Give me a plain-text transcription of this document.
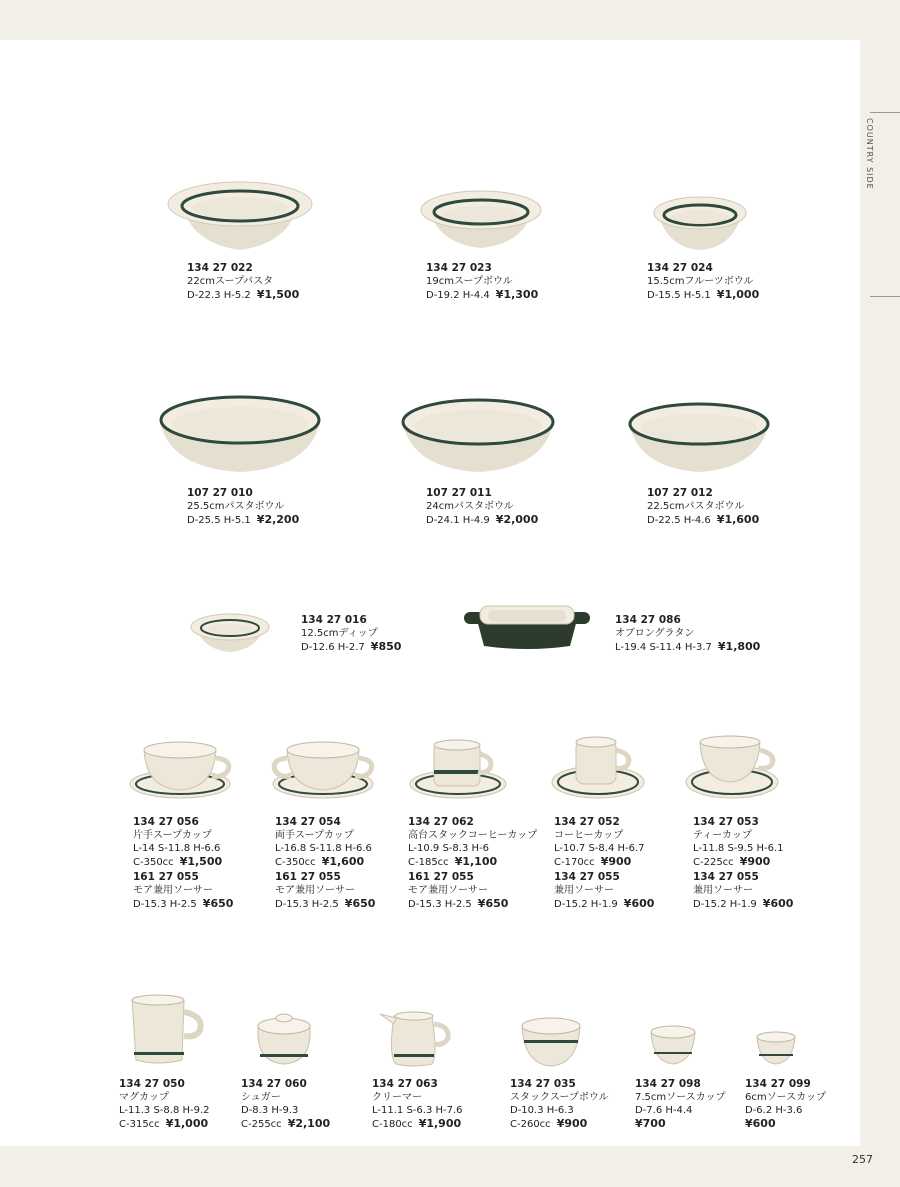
COUNTRY SIDE
257
134 27 022
22cmスープパスタ
D-22.3 H-5.2 ¥1,500
134 27 023
19cmスープボウル
D-19.2 H-4.4 ¥1,300
134 27 024
15.5cmフルーツボウル
D-15.5 H-5.1 ¥1,000
107 27 010
25.5cmパスタボウル
D-25.5 H-5.1 ¥2,200
107 27 011
24cmパスタボウル
D-24.1 H-4.9 ¥2,000
107 27 012
22.5cmパスタボウル
D-22.5 H-4.6 ¥1,600
134 27 016
12.5cmディップ
D-12.6 H-2.7 ¥850
134 27 086
オブロングラタン
L-19.4 S-11.4 H-3.7 ¥1,800
134 27 056
片手スープカップ
L-14 S-11.8 H-6.6
C-350cc ¥1,500
161 27 055
モア兼用ソーサー
D-15.3 H-2.5 ¥650
134 27 054
両手スープカップ
L-16.8 S-11.8 H-6.6
C-350cc ¥1,600
161 27 055
モア兼用ソーサー
D-15.3 H-2.5 ¥650
134 27 062
高台スタックコーヒーカップ
L-10.9 S-8.3 H-6
C-185cc ¥1,100
161 27 055
モア兼用ソーサー
D-15.3 H-2.5 ¥650
134 27 052
コーヒーカップ
L-10.7 S-8.4 H-6.7
C-170cc ¥900
134 27 055
兼用ソーサー
D-15.2 H-1.9 ¥600
134 27 053
ティーカップ
L-11.8 S-9.5 H-6.1
C-225cc ¥900
134 27 055
兼用ソーサー
D-15.2 H-1.9 ¥600
134 27 050
マグカップ
L-11.3 S-8.8 H-9.2
C-315cc ¥1,000
134 27 060
シュガー
D-8.3 H-9.3
C-255cc ¥2,100
134 27 063
クリーマー
L-11.1 S-6.3 H-7.6
C-180cc ¥1,900
134 27 035
スタックスープボウル
D-10.3 H-6.3
C-260cc ¥900
134 27 098
7.5cmソースカップ
D-7.6 H-4.4
¥700
134 27 099
6cmソースカップ
D-6.2 H-3.6
¥600
